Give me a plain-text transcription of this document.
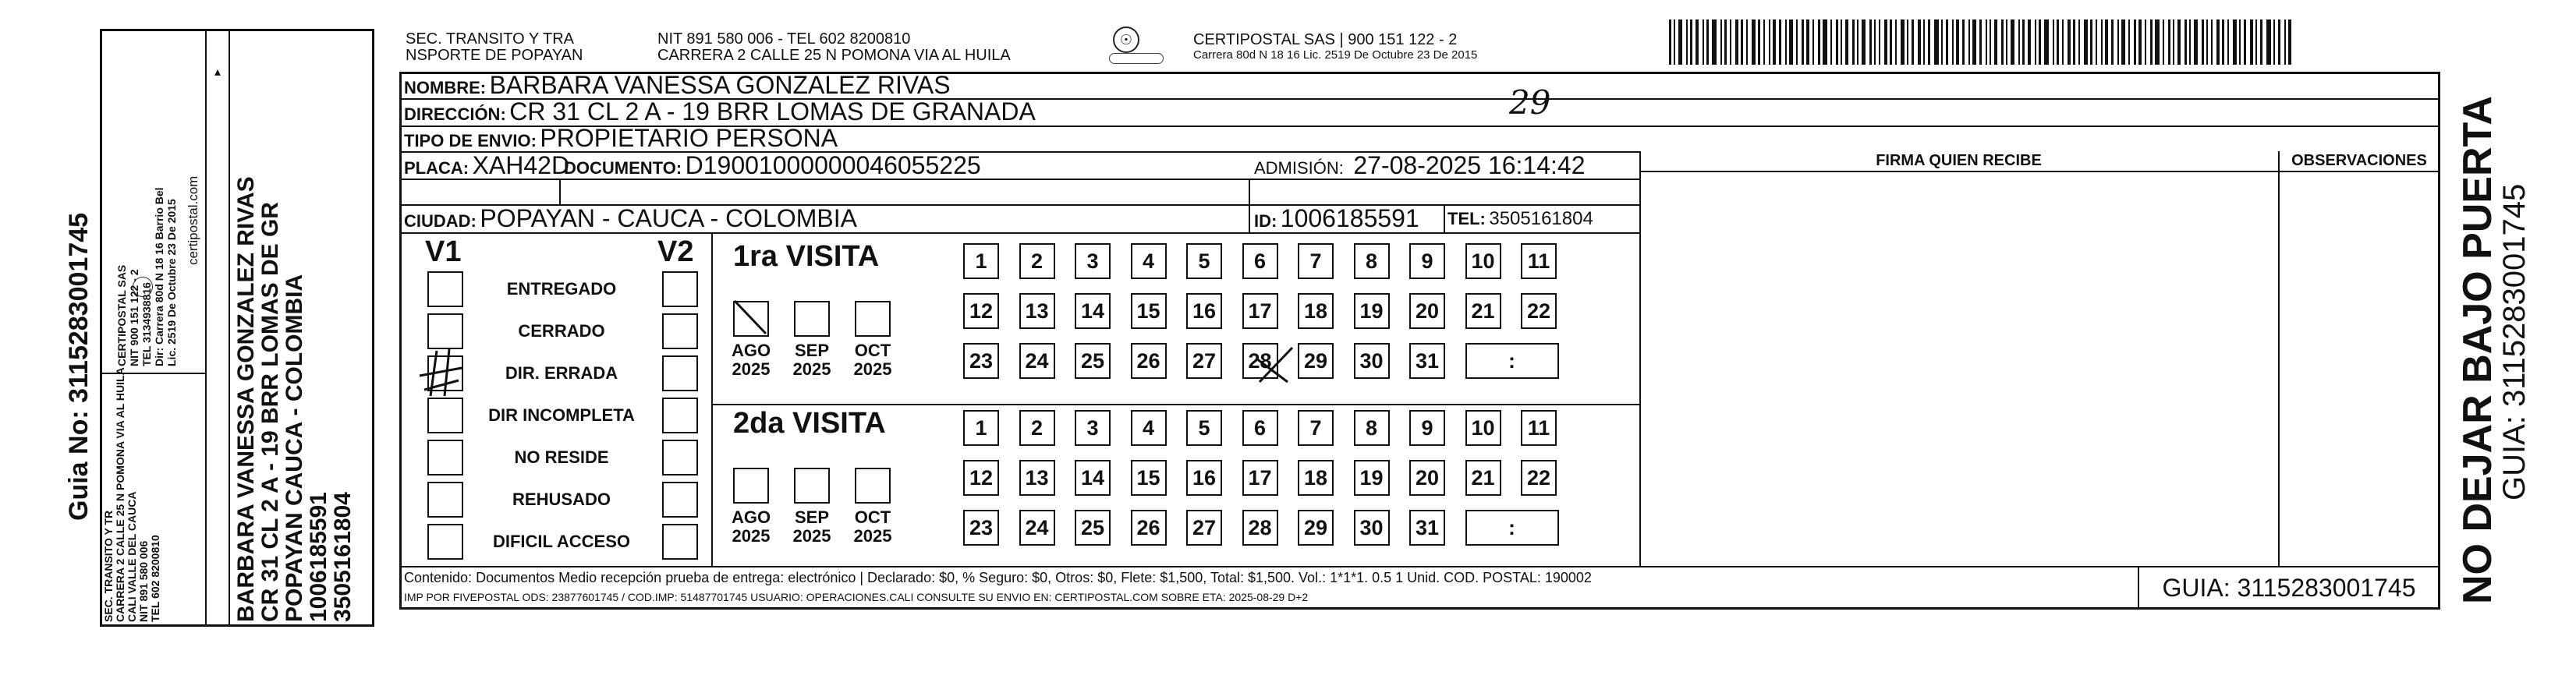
Guia No: 3115283001745
SEC. TRANSITO Y TR CARRERA 2 CALLE 25 N POMONA VIA AL HUILA CALI VALLE DEL CAUCA NIT 891 580 006 TEL 602 8200810
CERTIPOSTAL SAS NIT 900 151 122 - 2 TEL 3134938816 Dir: Carrera 80d N 18 16 Barrio Bel Lic. 2519 De Octubre 23 De 2015 certipostal.com
▴
BARBARA VANESSA GONZALEZ RIVAS
CR 31 CL 2 A - 19 BRR LOMAS DE GR
POPAYAN CAUCA - COLOMBIA
1006185591
3505161804
SEC. TRANSITO Y TRA
NSPORTE DE POPAYAN
NIT 891 580 006 - TEL 602 8200810
CARRERA 2 CALLE 25 N POMONA VIA AL HUILA
☉	CERTIPOSTAL SAS | 900 151 122 - 2
Carrera 80d N 18 16 Lic. 2519 De Octubre 23 De 2015
NOMBRE: BARBARA VANESSA GONZALEZ RIVAS
DIRECCIÓN: CR 31 CL 2 A - 19 BRR LOMAS DE GRANADA	29
TIPO DE ENVIO: PROPIETARIO PERSONA
FIRMA QUIEN RECIBE	OBSERVACIONES
PLACA: XAH42D
DOCUMENTO: D19001000000046055225	ADMISIÓN: 27-08-2025 16:14:42
CIUDAD: POPAYAN - CAUCA - COLOMBIA	ID: 1006185591 TEL: 3505161804
V1	V2
ENTREGADO
CERRADO
DIR. ERRADA
DIR INCOMPLETA
NO RESIDE
REHUSADO
DIFICIL ACCESO
1ra VISITA
2da VISITA
AGO
2025
SEP
2025
OCT
2025
1	2	3	4	5	6	7	8	9	10	11
12 13 14 15 16 17 18 19 20 21 22
23 24 25 26 27 28 29 30 31	:
AGO
2025
SEP
2025
OCT
2025
1	2	3	4	5	6	7	8	9	10	11
12 13 14 15 16 17 18 19 20 21 22
23 24 25 26 27 28 29 30 31	:
Contenido: Documentos Medio recepción prueba de entrega: electrónico | Declarado: $0, % Seguro: $0, Otros: $0, Flete: $1,500, Total: $1,500. Vol.: 1*1*1. 0.5 1 Unid. COD. POSTAL: 190002
IMP POR FIVEPOSTAL ODS: 23877601745 / COD.IMP: 51487701745 USUARIO: OPERACIONES.CALI CONSULTE SU ENVIO EN: CERTIPOSTAL.COM SOBRE ETA: 2025-08-29 D+2	GUIA: 3115283001745 NO DEJAR BAJO PUERTA
GUIA: 3115283001745
